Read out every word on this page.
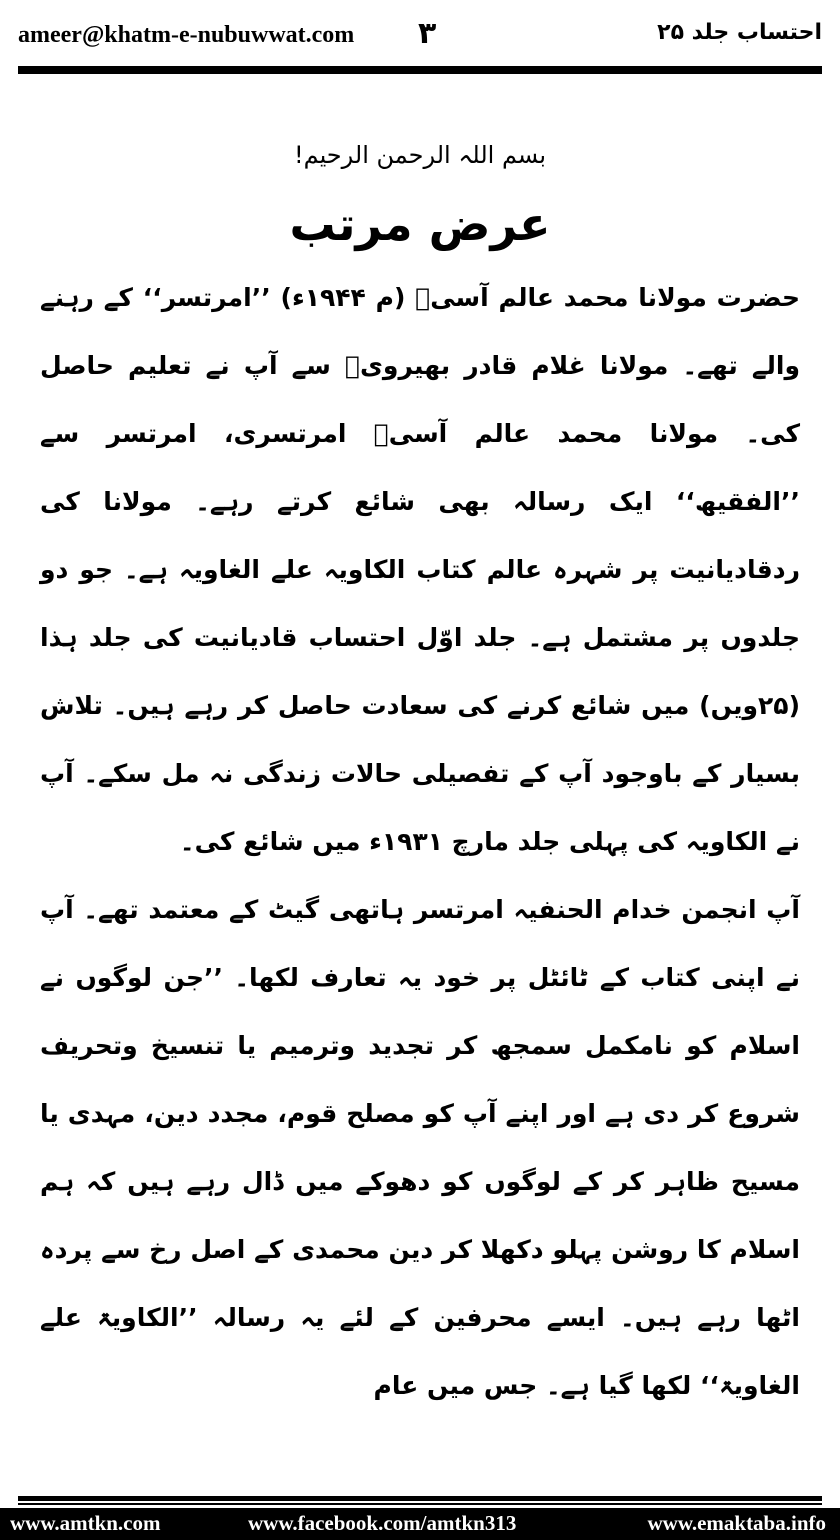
ameer@khatm-e-nubuwwat.com ۳	احتساب جلد ۲۵
بسم اللہ الرحمن الرحیم!
عرض مرتب

حضرت مولانا محمد عالم آسیؒ (م ۱۹۴۴ء) ’’امرتسر‘‘ کے رہنے والے تھے۔ مولانا غلام قادر بھیرویؒ سے آپ نے تعلیم حاصل کی۔ مولانا محمد عالم آسیؒ امرتسری، امرتسر سے ’’الفقیھ‘‘ ایک رسالہ بھی شائع کرتے رہے۔ مولانا کی ردقادیانیت پر شہرہ عالم کتاب الکاویہ علے الغاویہ ہے۔ جو دو جلدوں پر مشتمل ہے۔ جلد اوّل احتساب قادیانیت کی جلد ہذا (۲۵ویں) میں شائع کرنے کی سعادت حاصل کر رہے ہیں۔ تلاش بسیار کے باوجود آپ کے تفصیلی حالات زندگی نہ مل سکے۔ آپ نے الکاویہ کی پہلی جلد مارچ ۱۹۳۱ء میں شائع کی۔

آپ انجمن خدام الحنفیہ امرتسر ہاتھی گیٹ کے معتمد تھے۔ آپ نے اپنی کتاب کے ٹائٹل پر خود یہ تعارف لکھا۔ ’’جن لوگوں نے اسلام کو نامکمل سمجھ کر تجدید وترمیم یا تنسیخ وتحریف شروع کر دی ہے اور اپنے آپ کو مصلح قوم، مجدد دین، مہدی یا مسیح ظاہر کر کے لوگوں کو دھوکے میں ڈال رہے ہیں کہ ہم اسلام کا روشن پہلو دکھلا کر دین محمدی کے اصل رخ سے پردہ اٹھا رہے ہیں۔ ایسے محرفین کے لئے یہ رسالہ ’’الکاویۃ علے الغاویۃ‘‘ لکھا گیا ہے۔ جس میں عام

www.amtkn.com	www.facebook.com/amtkn313	www.emaktaba.info
